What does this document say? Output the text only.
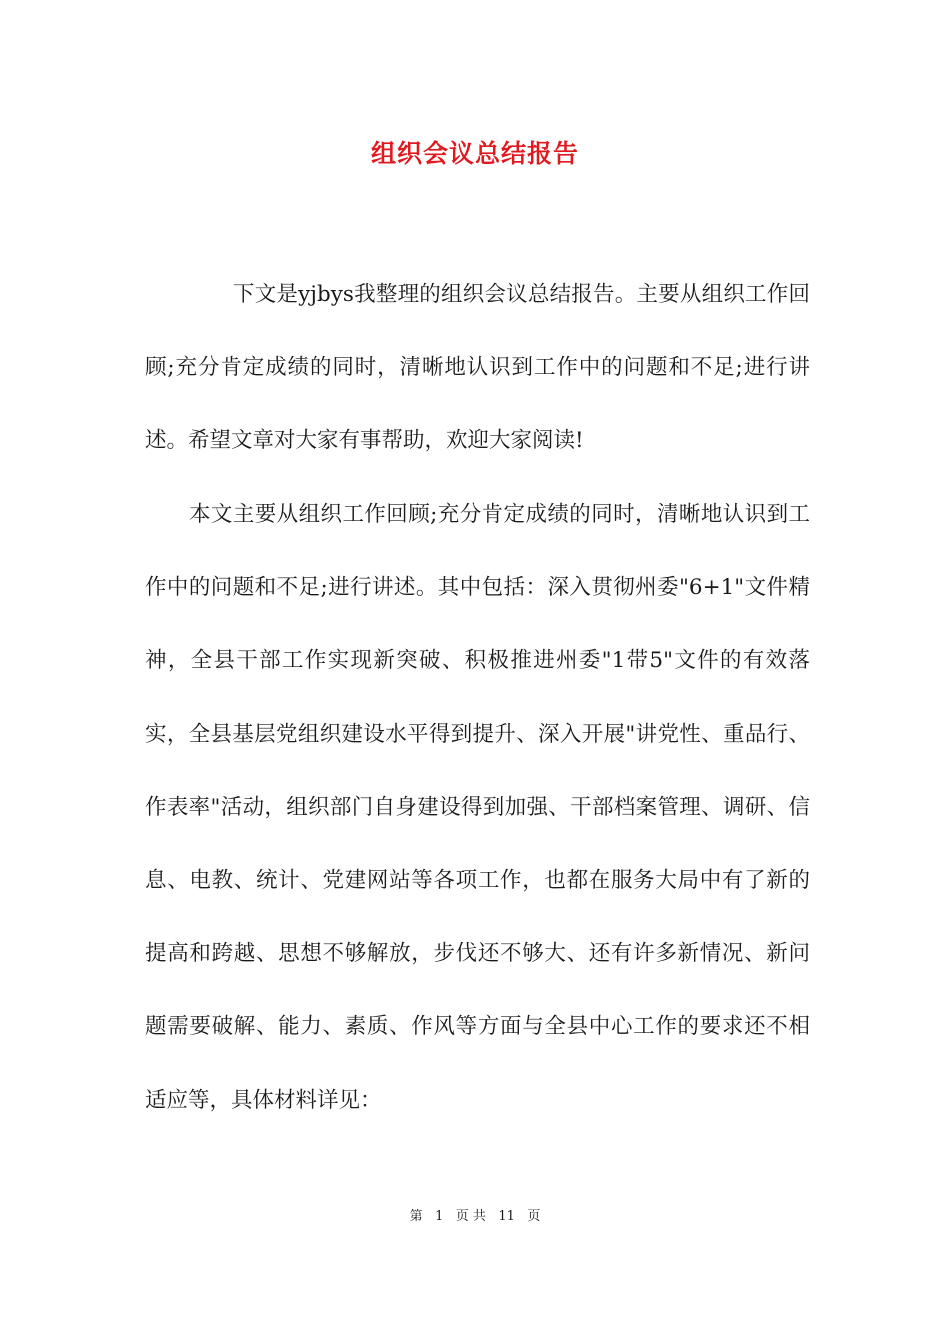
组织会议总结报告

下文是yjbys我整理的组织会议总结报告。主要从组织工作回顾;充分肯定成绩的同时，清晰地认识到工作中的问题和不足;进行讲述。希望文章对大家有事帮助，欢迎大家阅读!

本文主要从组织工作回顾;充分肯定成绩的同时，清晰地认识到工作中的问题和不足;进行讲述。其中包括：深入贯彻州委"6+1"文件精神，全县干部工作实现新突破、积极推进州委"1带5"文件的有效落实，全县基层党组织建设水平得到提升、深入开展"讲党性、重品行、作表率"活动，组织部门自身建设得到加强、干部档案管理、调研、信息、电教、统计、党建网站等各项工作，也都在服务大局中有了新的提高和跨越、思想不够解放，步伐还不够大、还有许多新情况、新问题需要破解、能力、素质、作风等方面与全县中心工作的要求还不相适应等，具体材料详见：

第 1 页 共 11 页
